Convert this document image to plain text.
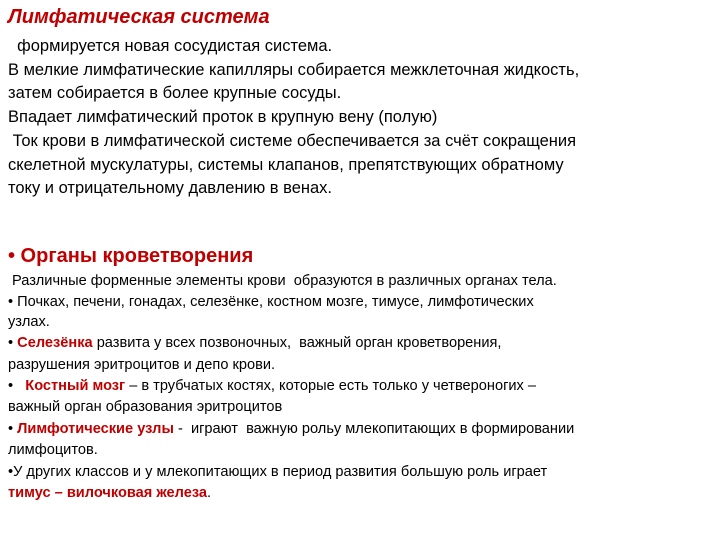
Лимфатическая система
формируется новая сосудистая система.
В мелкие лимфатические капилляры собирается межклеточная жидкость,
затем собирается в более крупные сосуды.
Впадает лимфатический проток в крупную вену (полую)
Ток крови в лимфатической системе обеспечивается за счёт сокращения
скелетной мускулатуры, системы клапанов, препятствующих обратному
току и отрицательному давлению в венах.
• Органы кроветворения
Различные форменные элементы крови  образуются в различных органах тела.
• Почках, печени, гонадах, селезёнке, костном мозге, тимусе, лимфотических
узлах.
• Селезёнка развита у всех позвоночных,  важный орган кроветворения,
разрушения эритроцитов и депо крови.
•   Костный мозг – в трубчатых костях, которые есть только у четвероногих –
важный орган образования эритроцитов
• Лимфотические узлы -  играют  важную рольу млекопитающих в формировании
лимфоцитов.
•У других классов и у млекопитающих в период развития большую роль играет
тимус – вилочковая железа.
